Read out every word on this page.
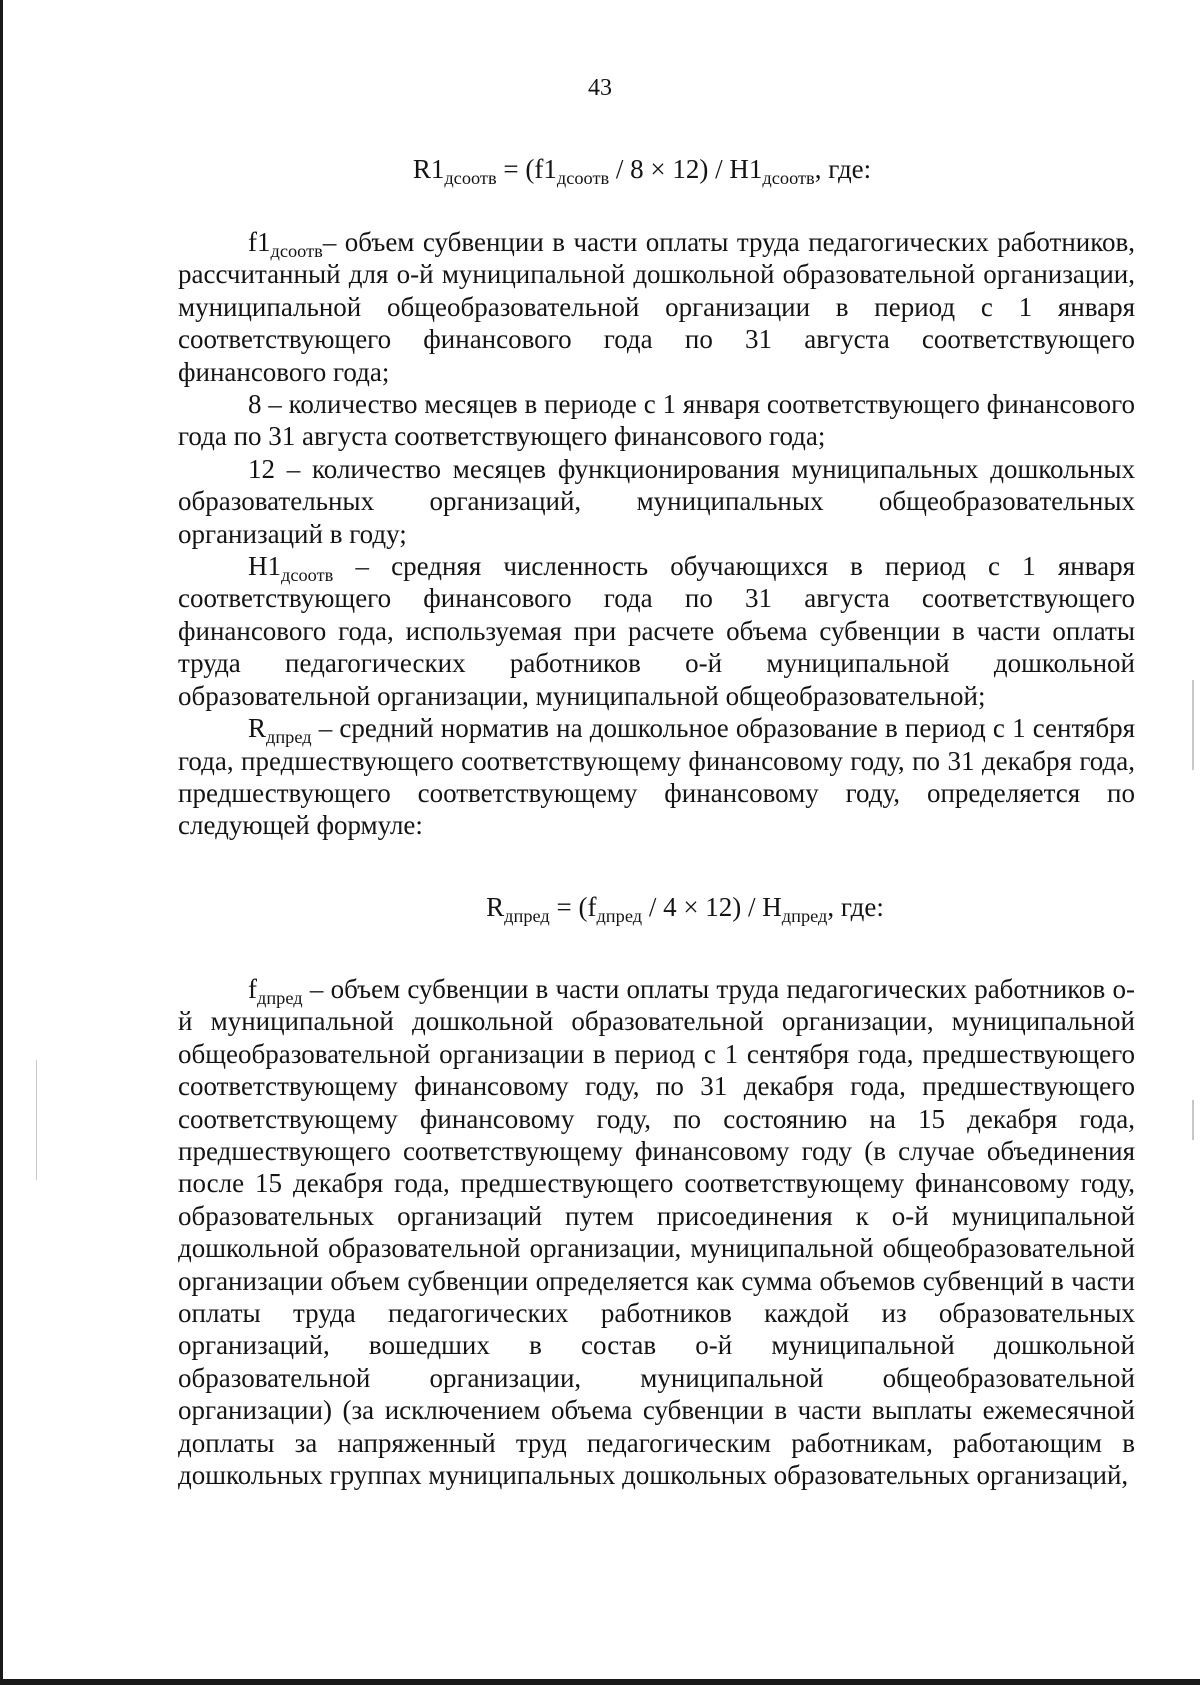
43
$R1_{дсоотв} = (f1_{дсоотв} / 8 \times 12) / H1_{дсоотв}$, где:

$f1_{дсоотв}-$ объем субвенции в части оплаты труда педагогических работников, рассчитанный для о-й муниципальной дошкольной образовательной организации, муниципальной общеобразовательной организации в период с 1 января соответствующего финансового года по 31 августа соответствующего финансового года;

8 – количество месяцев в периоде с 1 января соответствующего финансового года по 31 августа соответствующего финансового года;

12 – количество месяцев функционирования муниципальных дошкольных образовательных организаций, муниципальных общеобразовательных организаций в году;

$H1_{дсоотв}$ – средняя численность обучающихся в период с 1 января соответствующего финансового года по 31 августа соответствующего финансового года, используемая при расчете объема субвенции в части оплаты труда педагогических работников о-й муниципальной дошкольной образовательной организации, муниципальной общеобразовательной;

$R_{дпред}$ – средний норматив на дошкольное образование в период с 1 сентября года, предшествующего соответствующему финансовому году, по 31 декабря года, предшествующего соответствующему финансовому году, определяется по следующей формуле:

$R_{дпред} = (f_{дпред} / 4 \times 12) / H_{дпред}$, где:

$f_{дпред}$ – объем субвенции в части оплаты труда педагогических работников о-й муниципальной дошкольной образовательной организации, муниципальной общеобразовательной организации в период с 1 сентября года, предшествующего соответствующему финансовому году, по 31 декабря года, предшествующего соответствующему финансовому году, по состоянию на 15 декабря года, предшествующего соответствующему финансовому году (в случае объединения после 15 декабря года, предшествующего соответствующему финансовому году, образовательных организаций путем присоединения к о-й муниципальной дошкольной образовательной организации, муниципальной общеобразовательной организации объем субвенции определяется как сумма объемов субвенций в части оплаты труда педагогических работников каждой из образовательных организаций, вошедших в состав о-й муниципальной дошкольной образовательной организации, муниципальной общеобразовательной организации) (за исключением объема субвенции в части выплаты ежемесячной доплаты за напряженный труд педагогическим работникам, работающим в дошкольных группах муниципальных дошкольных образовательных организаций,
